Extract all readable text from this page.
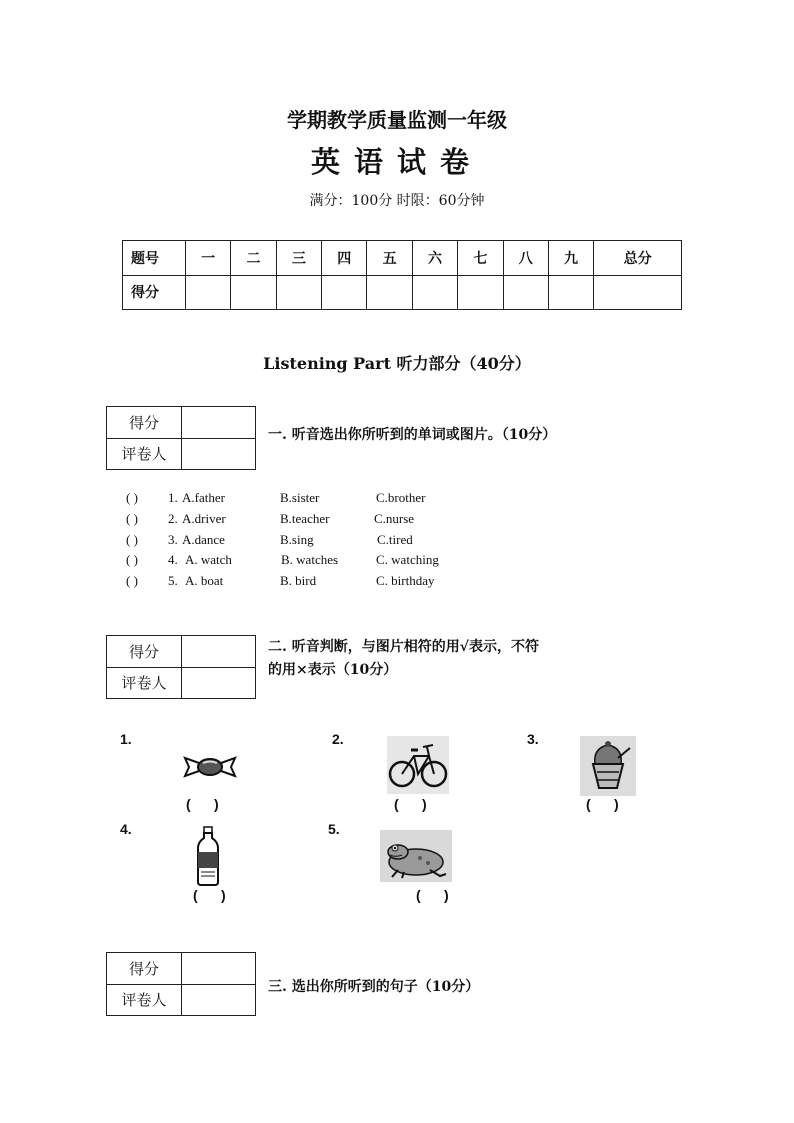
学期教学质量监测一年级
英语试卷
满分：100分 时限：60分钟
题号	一	二	三	四	五	六	七	八	九	总分
得分										
Listening Part 听力部分（40分）
得分	
评卷人	
一. 听音选出你所听到的单词或图片。（10分）
( ) 1. A.father	B.sister	C.brother
( ) 2. A.driver	B.teacher	C.nurse
( ) 3. A.dance	B.sing	C.tired
( ) 4. A. watch	B. watches	C. watching
( ) 5. A. boat	B. bird	C. birthday
得分	
评卷人	
二. 听音判断，与图片相符的用√表示，不符
的用×表示（10分）
1.
(      )
2.
(      )
3.
(      )
4.
(      )
5.
(      )
得分	
评卷人	
三. 选出你所听到的句子（10分）
